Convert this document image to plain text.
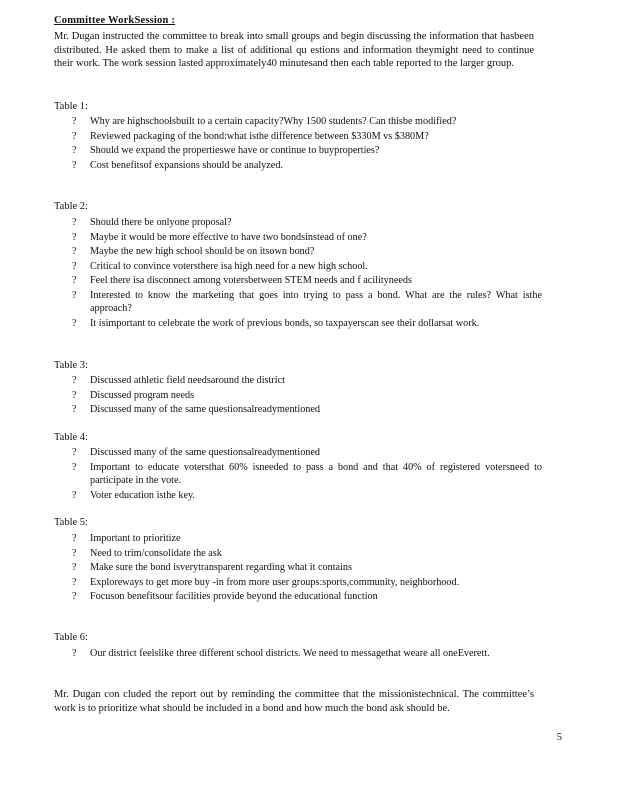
Committee WorkSession :
Mr. Dugan instructed the committee to break into small groups and begin discussing the information that hasbeen distributed. He asked them to make a list of additional qu estions and information theymight need to continue their work. The work session lasted approximately40 minutesand then each table reported to the larger group.
Table 1:
? Why are highschoolsbuilt to a certain capacity?Why 1500 students? Can thisbe modified?
? Reviewed packaging of the bond:what isthe difference between $330M vs $380M?
? Should we expand the propertieswe have or continue to buyproperties?
? Cost benefitsof expansions should be analyzed.
Table 2:
? Should there be onlyone proposal?
? Maybe it would be more effective to have two bondsinstead of one?
? Maybe the new high school should be on itsown bond?
? Critical to convince votersthere isa high need for a new high school.
? Feel there isa disconnect among votersbetween STEM needs and f acilityneeds
? Interested to know the marketing that goes into trying to pass a bond. What are the rules? What isthe approach?
? It isimportant to celebrate the work of previous bonds, so taxpayerscan see their dollarsat work.
Table 3:
? Discussed athletic field needsaround the district
? Discussed program needs
? Discussed many of the same questionsalreadymentioned
Table 4:
? Discussed many of the same questionsalreadymentioned
? Important to educate votersthat 60% isneeded to pass a bond and that 40% of registered votersneed to participate in the vote.
? Voter education isthe key.
Table 5:
? Important to prioritize
? Need to trim/consolidate the ask
? Make sure the bond isverytransparent regarding what it contains
? Exploreways to get more buy -in from more user groups:sports,community, neighborhood.
? Focuson benefitsour facilities provide beyond the educational function
Table 6:
? Our district feelslike three different school districts. We need to messagethat weare all oneEverett.
Mr. Dugan con cluded the report out by reminding the committee that the missionistechnical. The committee’s work is to prioritize what should be included in a bond and how much the bond ask should be.
5
